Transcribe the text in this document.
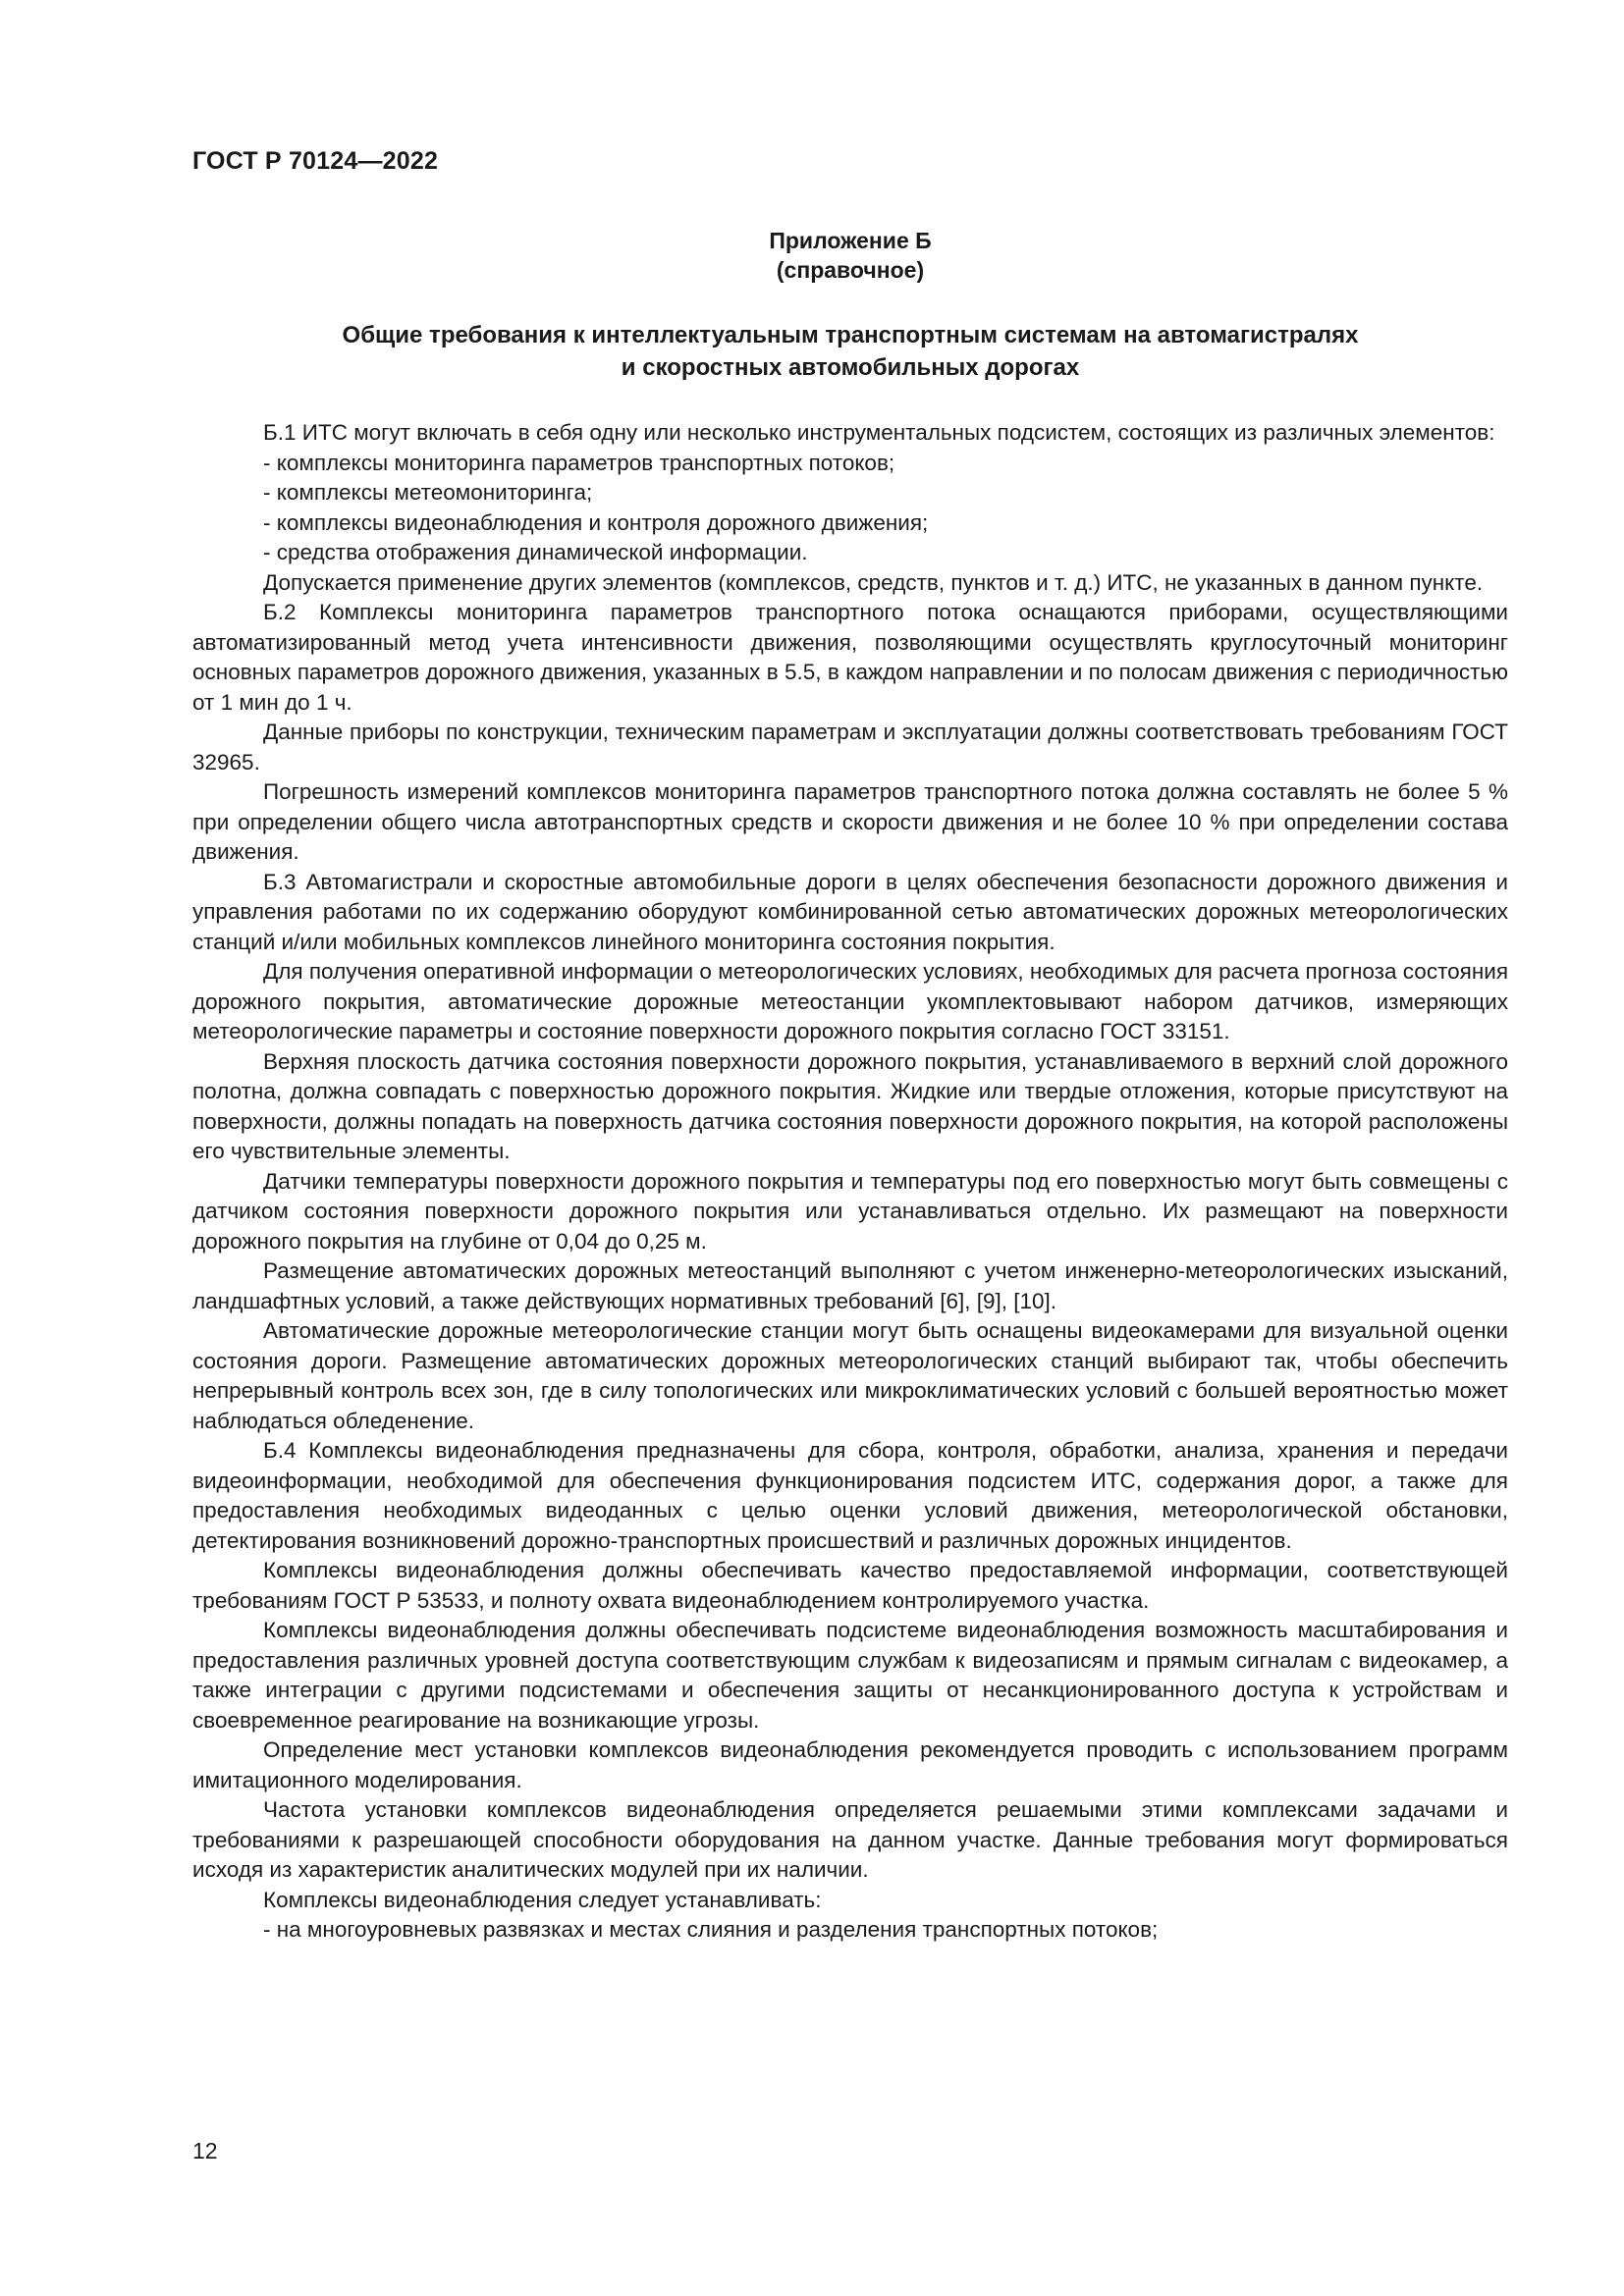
ГОСТ Р 70124—2022
Приложение Б
(справочное)
Общие требования к интеллектуальным транспортным системам на автомагистралях
и скоростных автомобильных дорогах

Б.1 ИТС могут включать в себя одну или несколько инструментальных подсистем, состоящих из различных элементов:

- комплексы мониторинга параметров транспортных потоков;

- комплексы метеомониторинга;

- комплексы видеонаблюдения и контроля дорожного движения;

- средства отображения динамической информации.

Допускается применение других элементов (комплексов, средств, пунктов и т. д.) ИТС, не указанных в данном пункте.

Б.2 Комплексы мониторинга параметров транспортного потока оснащаются приборами, осуществляющими автоматизированный метод учета интенсивности движения, позволяющими осуществлять круглосуточный мониторинг основных параметров дорожного движения, указанных в 5.5, в каждом направлении и по полосам движения с периодичностью от 1 мин до 1 ч.

Данные приборы по конструкции, техническим параметрам и эксплуатации должны соответствовать требованиям ГОСТ 32965.

Погрешность измерений комплексов мониторинга параметров транспортного потока должна составлять не более 5 % при определении общего числа автотранспортных средств и скорости движения и не более 10 % при определении состава движения.

Б.3 Автомагистрали и скоростные автомобильные дороги в целях обеспечения безопасности дорожного движения и управления работами по их содержанию оборудуют комбинированной сетью автоматических дорожных метеорологических станций и/или мобильных комплексов линейного мониторинга состояния покрытия.

Для получения оперативной информации о метеорологических условиях, необходимых для расчета прогноза состояния дорожного покрытия, автоматические дорожные метеостанции укомплектовывают набором датчиков, измеряющих метеорологические параметры и состояние поверхности дорожного покрытия согласно ГОСТ 33151.

Верхняя плоскость датчика состояния поверхности дорожного покрытия, устанавливаемого в верхний слой дорожного полотна, должна совпадать с поверхностью дорожного покрытия. Жидкие или твердые отложения, которые присутствуют на поверхности, должны попадать на поверхность датчика состояния поверхности дорожного покрытия, на которой расположены его чувствительные элементы.

Датчики температуры поверхности дорожного покрытия и температуры под его поверхностью могут быть совмещены с датчиком состояния поверхности дорожного покрытия или устанавливаться отдельно. Их размещают на поверхности дорожного покрытия на глубине от 0,04 до 0,25 м.

Размещение автоматических дорожных метеостанций выполняют с учетом инженерно-метеорологических изысканий, ландшафтных условий, а также действующих нормативных требований [6], [9], [10].

Автоматические дорожные метеорологические станции могут быть оснащены видеокамерами для визуальной оценки состояния дороги. Размещение автоматических дорожных метеорологических станций выбирают так, чтобы обеспечить непрерывный контроль всех зон, где в силу топологических или микроклиматических условий с большей вероятностью может наблюдаться обледенение.

Б.4 Комплексы видеонаблюдения предназначены для сбора, контроля, обработки, анализа, хранения и передачи видеоинформации, необходимой для обеспечения функционирования подсистем ИТС, содержания дорог, а также для предоставления необходимых видеоданных с целью оценки условий движения, метеорологической обстановки, детектирования возникновений дорожно-транспортных происшествий и различных дорожных инцидентов.

Комплексы видеонаблюдения должны обеспечивать качество предоставляемой информации, соответствующей требованиям ГОСТ Р 53533, и полноту охвата видеонаблюдением контролируемого участка.

Комплексы видеонаблюдения должны обеспечивать подсистеме видеонаблюдения возможность масштабирования и предоставления различных уровней доступа соответствующим службам к видеозаписям и прямым сигналам с видеокамер, а также интеграции с другими подсистемами и обеспечения защиты от несанкционированного доступа к устройствам и своевременное реагирование на возникающие угрозы.

Определение мест установки комплексов видеонаблюдения рекомендуется проводить с использованием программ имитационного моделирования.

Частота установки комплексов видеонаблюдения определяется решаемыми этими комплексами задачами и требованиями к разрешающей способности оборудования на данном участке. Данные требования могут формироваться исходя из характеристик аналитических модулей при их наличии.

Комплексы видеонаблюдения следует устанавливать:

- на многоуровневых развязках и местах слияния и разделения транспортных потоков;

12
